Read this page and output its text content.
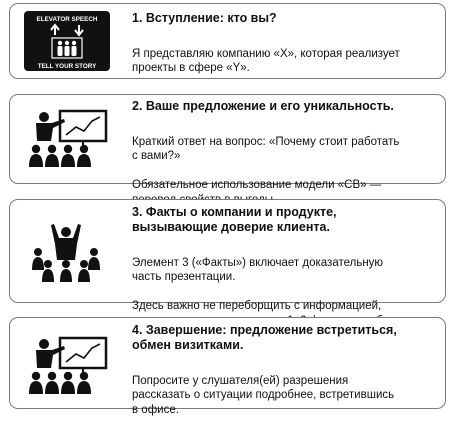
ELEVATOR SPEECH
TELL YOUR STORY
1. Вступление: кто вы?

Я представляю компанию «X», которая реализует
проекты в сфере «Y».

2. Ваше предложение и его уникальность.

Краткий ответ на вопрос: «Почему стоит работать
с вами?»

Обязательное использование модели «СВ» —

3. Факты о компании и продукте,
вызывающие доверие клиента.

Элемент 3 («Факты») включает доказательную
часть презентации.

Здесь важно не переборщить с информацией,

4. Завершение: предложение встретиться,
обмен визитками.

Попросите у слушателя(ей) разрешения
рассказать о ситуации подробнее, встретившись
в офисе.
